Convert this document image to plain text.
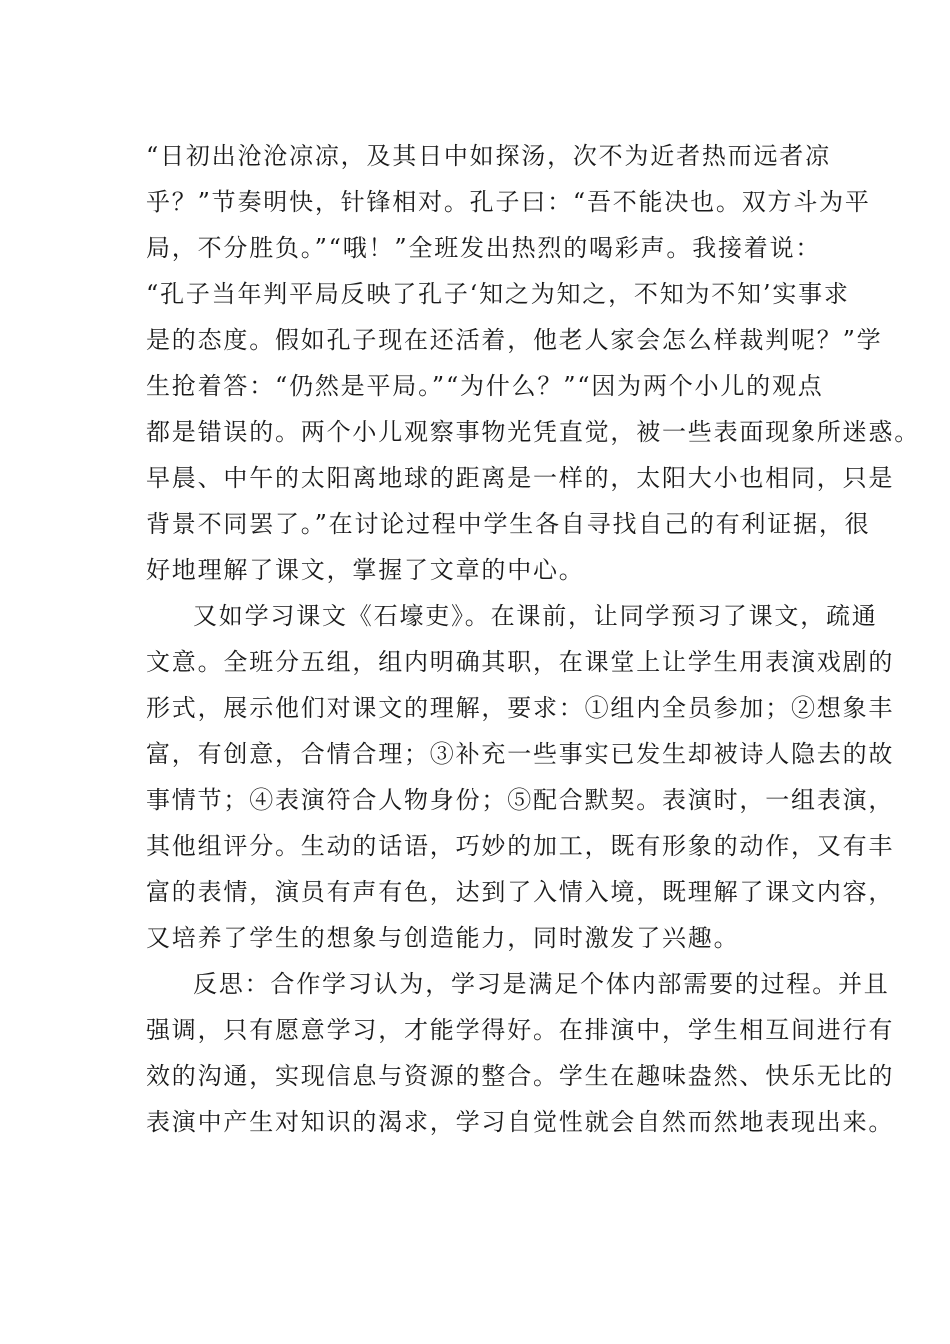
“日初出沧沧凉凉，及其日中如探汤，次不为近者热而远者凉
乎？”节奏明快，针锋相对。孔子曰：“吾不能决也。双方斗为平
局，不分胜负。”“哦！”全班发出热烈的喝彩声。我接着说：
“孔子当年判平局反映了孔子‘知之为知之，不知为不知’实事求
是的态度。假如孔子现在还活着，他老人家会怎么样裁判呢？”学
生抢着答：“仍然是平局。”“为什么？”“因为两个小儿的观点
都是错误的。两个小儿观察事物光凭直觉，被一些表面现象所迷惑。
早晨、中午的太阳离地球的距离是一样的，太阳大小也相同，只是
背景不同罢了。”在讨论过程中学生各自寻找自己的有利证据，很
好地理解了课文，掌握了文章的中心。
又如学习课文《石壕吏》。在课前，让同学预习了课文，疏通
文意。全班分五组，组内明确其职，在课堂上让学生用表演戏剧的
形式，展示他们对课文的理解，要求：①组内全员参加；②想象丰
富，有创意，合情合理；③补充一些事实已发生却被诗人隐去的故
事情节；④表演符合人物身份；⑤配合默契。表演时，一组表演，
其他组评分。生动的话语，巧妙的加工，既有形象的动作，又有丰
富的表情，演员有声有色，达到了入情入境，既理解了课文内容，
又培养了学生的想象与创造能力，同时激发了兴趣。
反思：合作学习认为，学习是满足个体内部需要的过程。并且
强调，只有愿意学习，才能学得好。在排演中，学生相互间进行有
效的沟通，实现信息与资源的整合。学生在趣味盎然、快乐无比的
表演中产生对知识的渴求，学习自觉性就会自然而然地表现出来。
